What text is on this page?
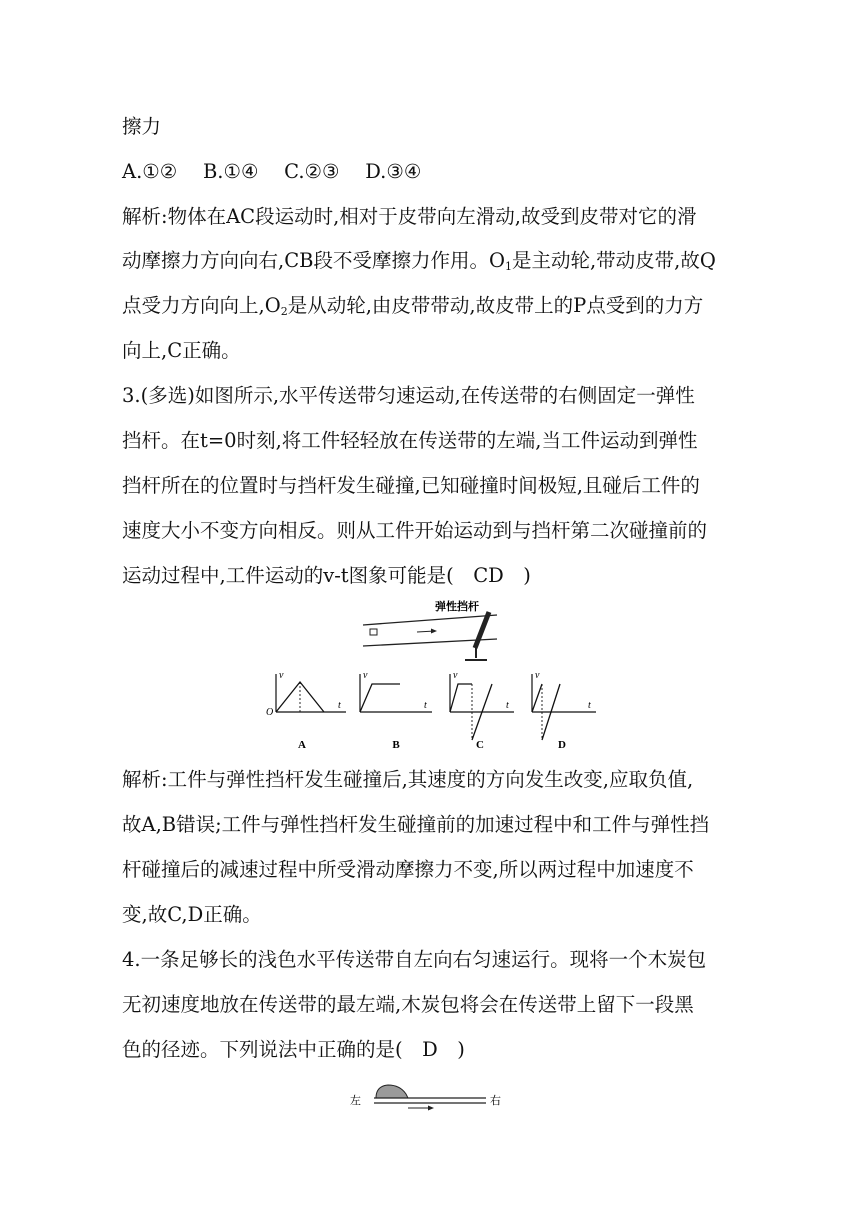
擦力
A.①②　 B.①④　 C.②③　 D.③④
解析:物体在AC段运动时,相对于皮带向左滑动,故受到皮带对它的滑
动摩擦力方向向右,CB段不受摩擦力作用。$O_1$是主动轮,带动皮带,故Q
点受力方向向上$,O_2$是从动轮,由皮带带动,故皮带上的P点受到的力方
向上,C正确。
3.(多选)如图所示,水平传送带匀速运动,在传送带的右侧固定一弹性
挡杆。在t=0时刻,将工件轻轻放在传送带的左端,当工件运动到弹性
挡杆所在的位置时与挡杆发生碰撞,已知碰撞时间极短,且碰后工件的
速度大小不变方向相反。则从工件开始运动到与挡杆第二次碰撞前的
运动过程中,工件运动的v-t图象可能是(　CD　)
弹性挡杆
v
t
O
A
v
t
B
v
t
C
v
t
D
解析:工件与弹性挡杆发生碰撞后,其速度的方向发生改变,应取负值,
故A,B错误;工件与弹性挡杆发生碰撞前的加速过程中和工件与弹性挡
杆碰撞后的减速过程中所受滑动摩擦力不变,所以两过程中加速度不
变,故C,D正确。
4.一条足够长的浅色水平传送带自左向右匀速运行。现将一个木炭包
无初速度地放在传送带的最左端,木炭包将会在传送带上留下一段黑
色的径迹。下列说法中正确的是(　D　)
左	右
